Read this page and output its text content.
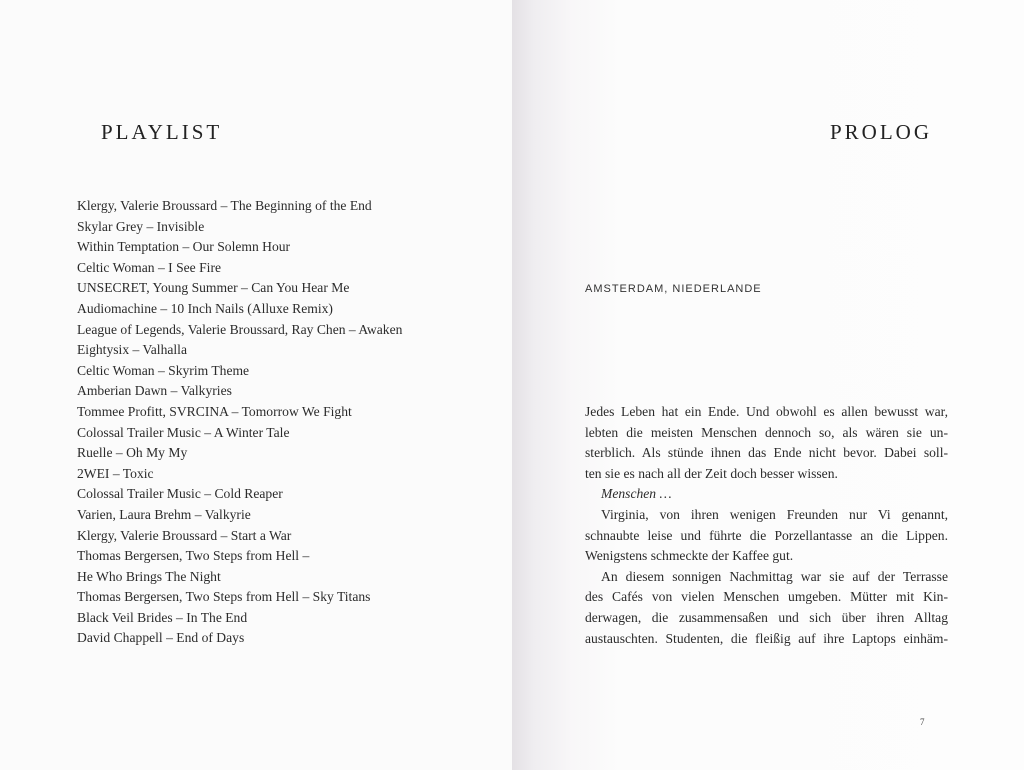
PLAYLIST
Klergy, Valerie Broussard – The Beginning of the End
Skylar Grey – Invisible
Within Temptation – Our Solemn Hour
Celtic Woman – I See Fire
UNSECRET, Young Summer – Can You Hear Me
Audiomachine – 10 Inch Nails (Alluxe Remix)
League of Legends, Valerie Broussard, Ray Chen – Awaken
Eightysix – Valhalla
Celtic Woman – Skyrim Theme
Amberian Dawn – Valkyries
Tommee Profitt, SVRCINA – Tomorrow We Fight
Colossal Trailer Music – A Winter Tale
Ruelle – Oh My My
2WEI – Toxic
Colossal Trailer Music – Cold Reaper
Varien, Laura Brehm – Valkyrie
Klergy, Valerie Broussard – Start a War
Thomas Bergersen, Two Steps from Hell –
He Who Brings The Night
Thomas Bergersen, Two Steps from Hell – Sky Titans
Black Veil Brides – In The End
David Chappell – End of Days
PROLOG
AMSTERDAM, NIEDERLANDE

Jedes Leben hat ein Ende. Und obwohl es allen bewusst war,
lebten die meisten Menschen dennoch so, als wären sie un-
sterblich. Als stünde ihnen das Ende nicht bevor. Dabei soll-
ten sie es nach all der Zeit doch besser wissen.

Menschen …

Virginia, von ihren wenigen Freunden nur Vi genannt,
schnaubte leise und führte die Porzellantasse an die Lippen.
Wenigstens schmeckte der Kaffee gut.

An diesem sonnigen Nachmittag war sie auf der Terrasse
des Cafés von vielen Menschen umgeben. Mütter mit Kin-
derwagen, die zusammensaßen und sich über ihren Alltag
austauschten. Studenten, die fleißig auf ihre Laptops einhäm-

7
